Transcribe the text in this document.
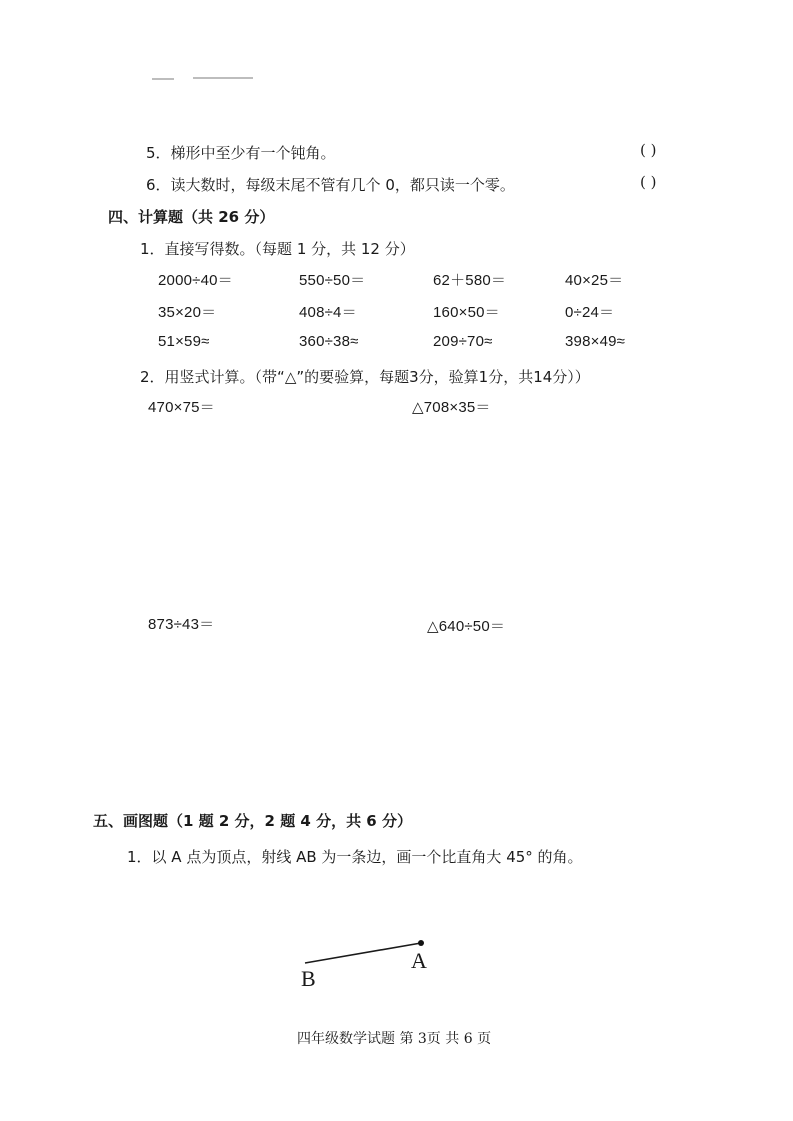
5．梯形中至少有一个钝角。	( )
6．读大数时，每级末尾不管有几个 0，都只读一个零。	( )
四、计算题（共 26 分）
1．直接写得数。（每题 1 分，共 12 分）
2000÷40＝	550÷50＝	62＋580＝	40×25＝
35×20＝	408÷4＝	160×50＝	0÷24＝
51×59≈	360÷38≈	209÷70≈	398×49≈
2．用竖式计算。（带“△”的要验算，每题3分，验算1分，共14分））
470×75＝	△708×35＝
873÷43＝	△640÷50＝
五、画图题（1 题 2 分，2 题 4 分，共 6 分）
1．以 A 点为顶点，射线 AB 为一条边，画一个比直角大 45° 的角。
A
B
四年级数学试题 第 3页 共 6 页
